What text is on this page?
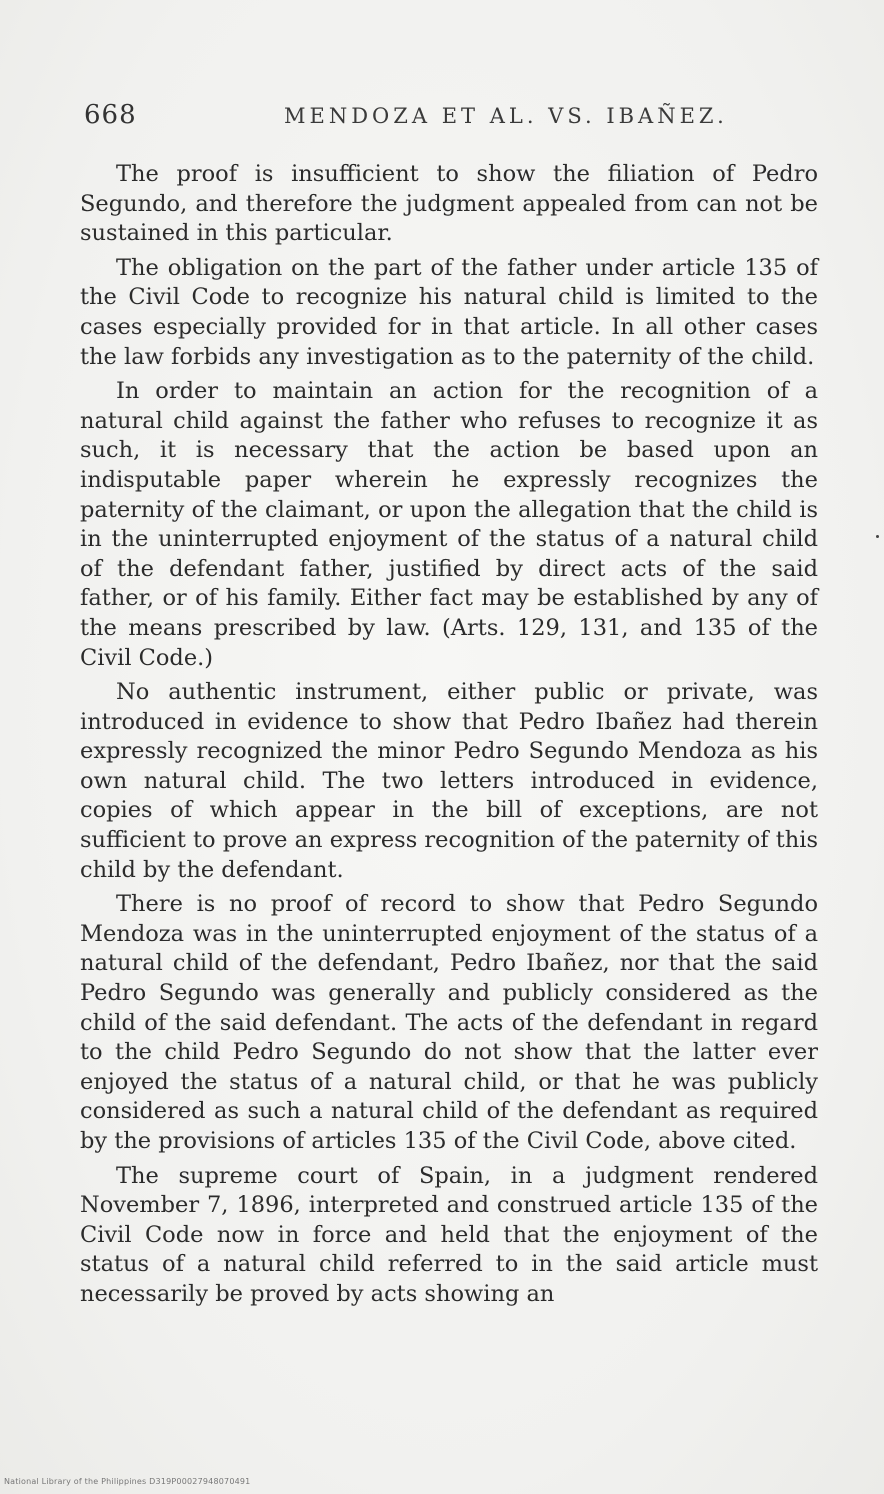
668	MENDOZA ET AL. VS. IBAÑEZ.

The proof is insufficient to show the filiation of Pedro Segundo, and therefore the judgment appealed from can not be sustained in this particular.

The obligation on the part of the father under article 135 of the Civil Code to recognize his natural child is limited to the cases especially provided for in that article. In all other cases the law forbids any investigation as to the paternity of the child.

In order to maintain an action for the recognition of a natural child against the father who refuses to recognize it as such, it is necessary that the action be based upon an indisputable paper wherein he expressly recognizes the paternity of the claimant, or upon the allegation that the child is in the uninterrupted enjoyment of the status of a natural child of the defendant father, justified by direct acts of the said father, or of his family. Either fact may be established by any of the means prescribed by law. (Arts. 129, 131, and 135 of the Civil Code.)

No authentic instrument, either public or private, was introduced in evidence to show that Pedro Ibañez had therein expressly recognized the minor Pedro Segundo Mendoza as his own natural child. The two letters introduced in evidence, copies of which appear in the bill of exceptions, are not sufficient to prove an express recognition of the paternity of this child by the defendant.

There is no proof of record to show that Pedro Segundo Mendoza was in the uninterrupted enjoyment of the status of a natural child of the defendant, Pedro Ibañez, nor that the said Pedro Segundo was generally and publicly considered as the child of the said defendant. The acts of the defendant in regard to the child Pedro Segundo do not show that the latter ever enjoyed the status of a natural child, or that he was publicly considered as such a natural child of the defendant as required by the provisions of articles 135 of the Civil Code, above cited.

The supreme court of Spain, in a judgment rendered November 7, 1896, interpreted and construed article 135 of the Civil Code now in force and held that the enjoyment of the status of a natural child referred to in the said article must necessarily be proved by acts showing an

National Library of the Philippines D319P00027948070491
